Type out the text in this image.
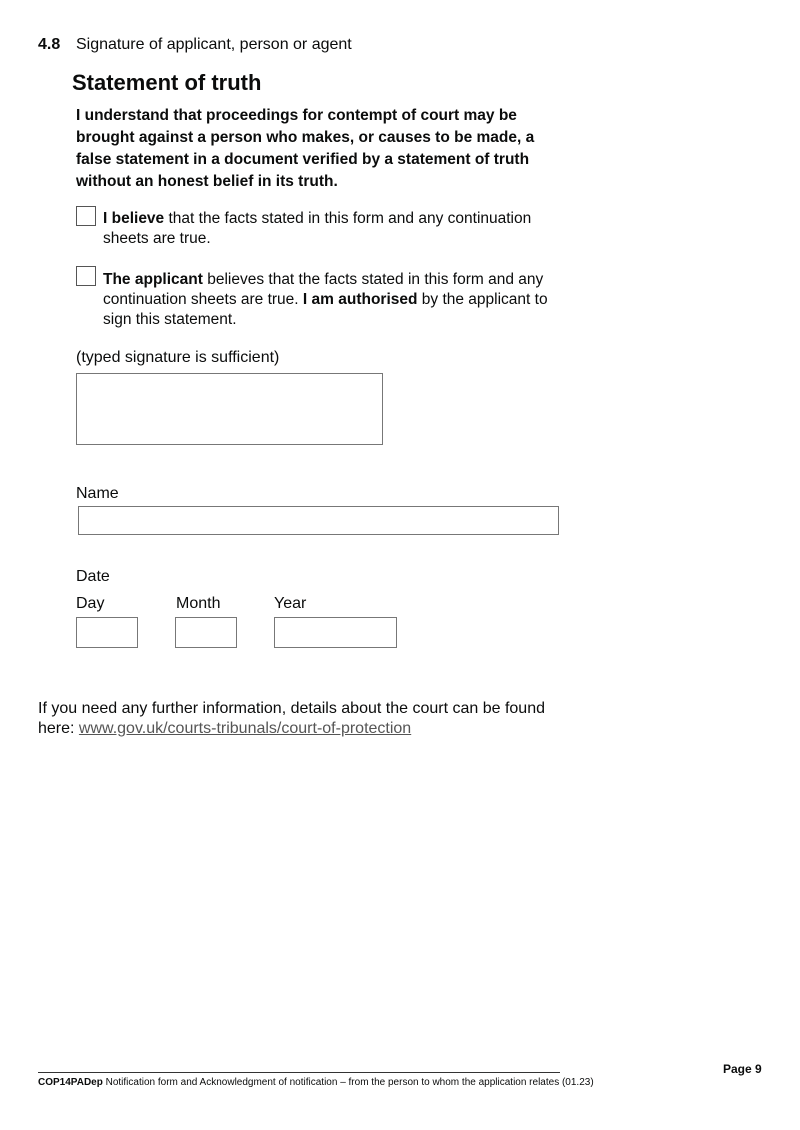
4.8 Signature of applicant, person or agent
Statement of truth
I understand that proceedings for contempt of court may be brought against a person who makes, or causes to be made, a false statement in a document verified by a statement of truth without an honest belief in its truth.
I believe that the facts stated in this form and any continuation sheets are true.
The applicant believes that the facts stated in this form and any continuation sheets are true. I am authorised by the applicant to sign this statement.
(typed signature is sufficient)
Name
Date
Day	Month	Year
If you need any further information, details about the court can be found here: www.gov.uk/courts-tribunals/court-of-protection
Page 9
COP14PADep Notification form and Acknowledgment of notification – from the person to whom the application relates (01.23)
